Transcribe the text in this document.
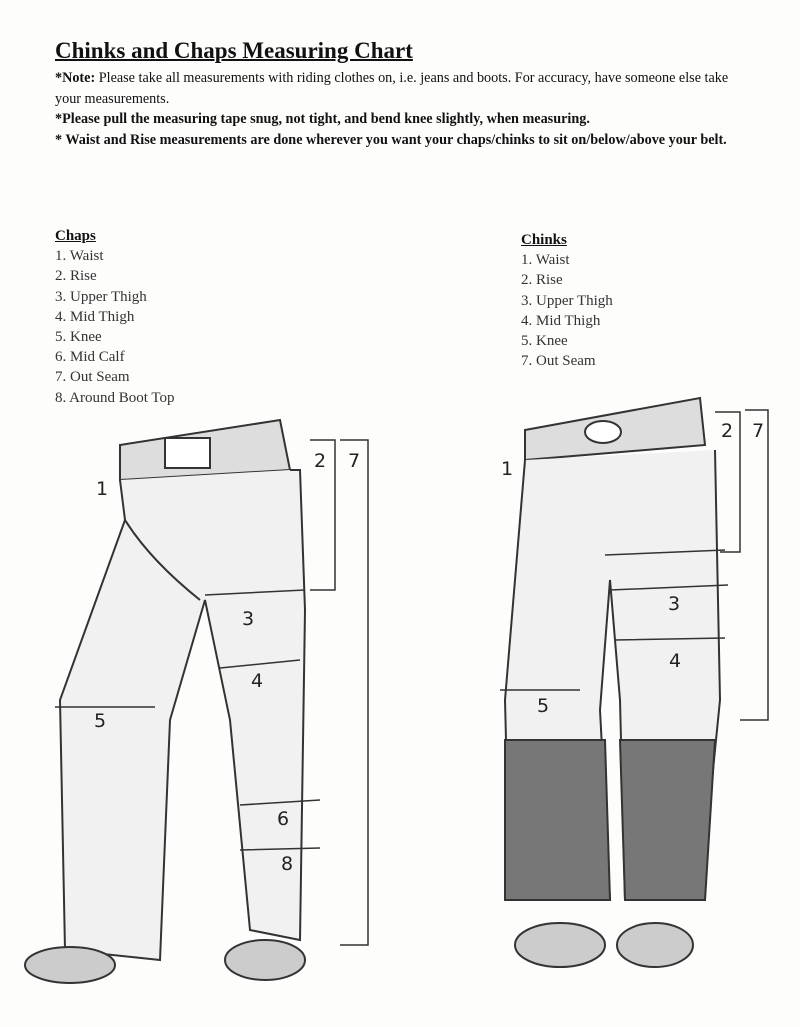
Chinks and Chaps Measuring Chart

*Note: Please take all measurements with riding clothes on, i.e. jeans and boots. For accuracy, have someone else take your measurements.

*Please pull the measuring tape snug, not tight, and bend knee slightly, when measuring.

* Waist and Rise measurements are done wherever you want your chaps/chinks to sit on/below/above your belt.

Chaps
1. Waist
2. Rise
3. Upper Thigh
4. Mid Thigh
5. Knee
6. Mid Calf
7. Out Seam
8. Around Boot Top
Chinks
1. Waist
2. Rise
3. Upper Thigh
4. Mid Thigh
5. Knee
7. Out Seam
1
2 7
3
4
5
6
8
1
2 7
3
4
5
